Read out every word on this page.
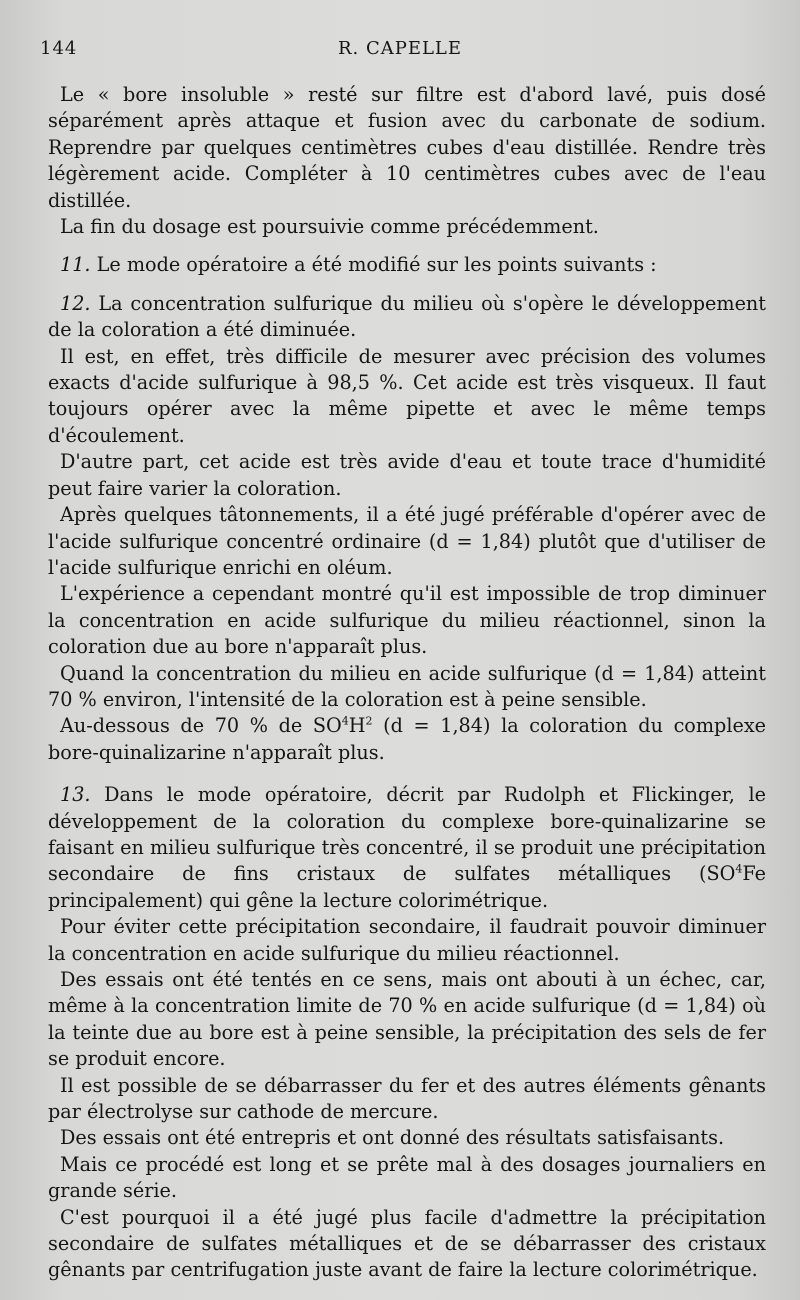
144	R. CAPELLE

Le « bore insoluble » resté sur filtre est d'abord lavé, puis dosé séparément après attaque et fusion avec du carbonate de sodium. Reprendre par quelques centimètres cubes d'eau distillée. Rendre très légèrement acide. Compléter à 10 centimètres cubes avec de l'eau distillée.

La fin du dosage est poursuivie comme précédemment.

11. Le mode opératoire a été modifié sur les points suivants :

12. La concentration sulfurique du milieu où s'opère le développement de la coloration a été diminuée.

Il est, en effet, très difficile de mesurer avec précision des volumes exacts d'acide sulfurique à 98,5 %. Cet acide est très visqueux. Il faut toujours opérer avec la même pipette et avec le même temps d'écoulement.

D'autre part, cet acide est très avide d'eau et toute trace d'humidité peut faire varier la coloration.

Après quelques tâtonnements, il a été jugé préférable d'opérer avec de l'acide sulfurique concentré ordinaire (d = 1,84) plutôt que d'utiliser de l'acide sulfurique enrichi en oléum.

L'expérience a cependant montré qu'il est impossible de trop diminuer la concentration en acide sulfurique du milieu réactionnel, sinon la coloration due au bore n'apparaît plus.

Quand la concentration du milieu en acide sulfurique (d = 1,84) atteint 70 % environ, l'intensité de la coloration est à peine sensible.

Au-dessous de 70 % de $SO^4H^2$ (d = 1,84) la coloration du complexe bore-quinalizarine n'apparaît plus.

13. Dans le mode opératoire, décrit par Rudolph et Flickinger, le développement de la coloration du complexe bore-quinalizarine se faisant en milieu sulfurique très concentré, il se produit une précipitation secondaire de fins cristaux de sulfates métalliques ($SO^4Fe$ principalement) qui gêne la lecture colorimétrique.

Pour éviter cette précipitation secondaire, il faudrait pouvoir diminuer la concentration en acide sulfurique du milieu réactionnel.

Des essais ont été tentés en ce sens, mais ont abouti à un échec, car, même à la concentration limite de 70 % en acide sulfurique (d = 1,84) où la teinte due au bore est à peine sensible, la précipitation des sels de fer se produit encore.

Il est possible de se débarrasser du fer et des autres éléments gênants par électrolyse sur cathode de mercure.

Des essais ont été entrepris et ont donné des résultats satisfaisants.

Mais ce procédé est long et se prête mal à des dosages journaliers en grande série.

C'est pourquoi il a été jugé plus facile d'admettre la précipitation secondaire de sulfates métalliques et de se débarrasser des cristaux gênants par centrifugation juste avant de faire la lecture colorimétrique.
